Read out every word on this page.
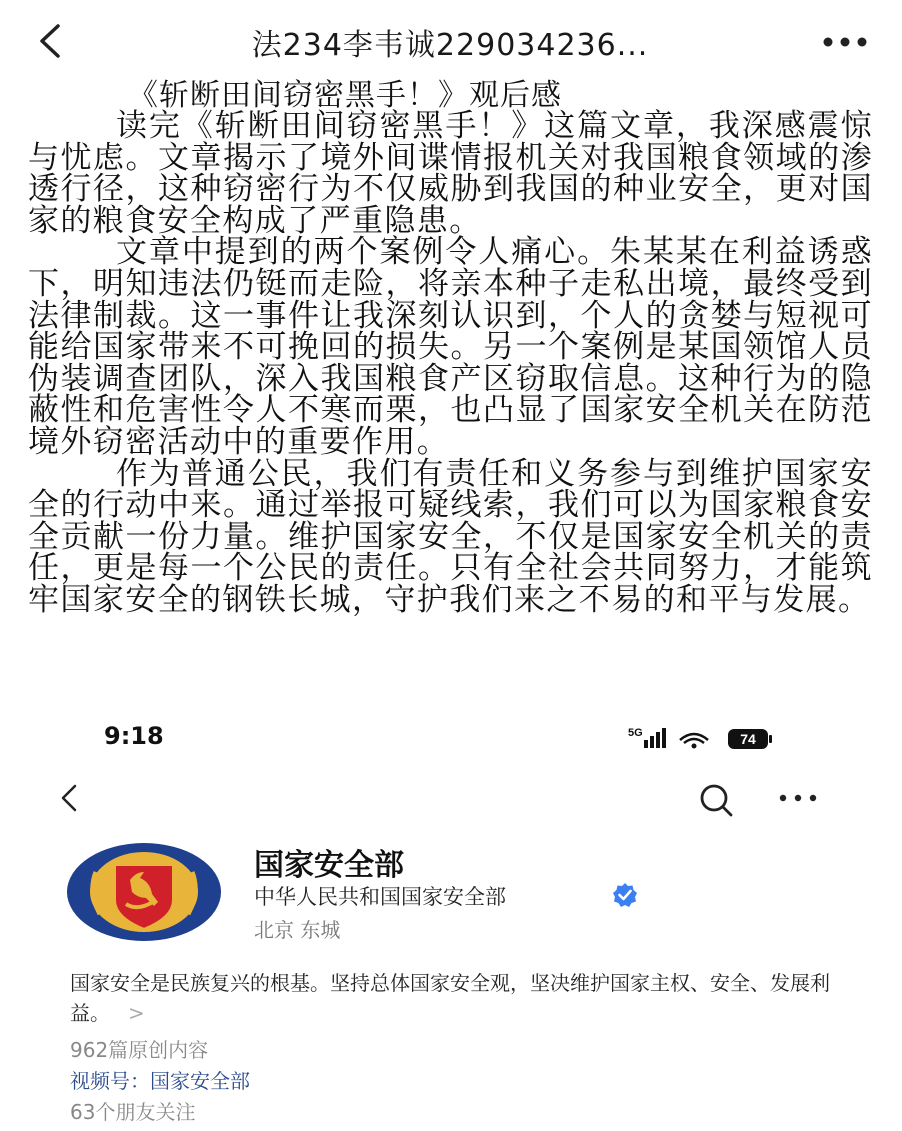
法234李韦诚229034236...
《斩断田间窃密黑手！》观后感

读完《斩断田间窃密黑手！》这篇文章，我深感震惊与忧虑。文章揭示了境外间谍情报机关对我国粮食领域的渗透行径，这种窃密行为不仅威胁到我国的种业安全，更对国家的粮食安全构成了严重隐患。

文章中提到的两个案例令人痛心。朱某某在利益诱惑下，明知违法仍铤而走险，将亲本种子走私出境，最终受到法律制裁。这一事件让我深刻认识到，个人的贪婪与短视可能给国家带来不可挽回的损失。另一个案例是某国领馆人员伪装调查团队，深入我国粮食产区窃取信息。这种行为的隐蔽性和危害性令人不寒而栗，也凸显了国家安全机关在防范境外窃密活动中的重要作用。

作为普通公民，我们有责任和义务参与到维护国家安全的行动中来。通过举报可疑线索，我们可以为国家粮食安全贡献一份力量。维护国家安全，不仅是国家安全机关的责任，更是每一个公民的责任。只有全社会共同努力，才能筑牢国家安全的钢铁长城，守护我们来之不易的和平与发展。

9:18	5G	74
国家安全部
中华人民共和国国家安全部
北京 东城
国家安全是民族复兴的根基。坚持总体国家安全观，坚决维护国家主权、安全、发展利益。 >
962篇原创内容
视频号：国家安全部
63个朋友关注
